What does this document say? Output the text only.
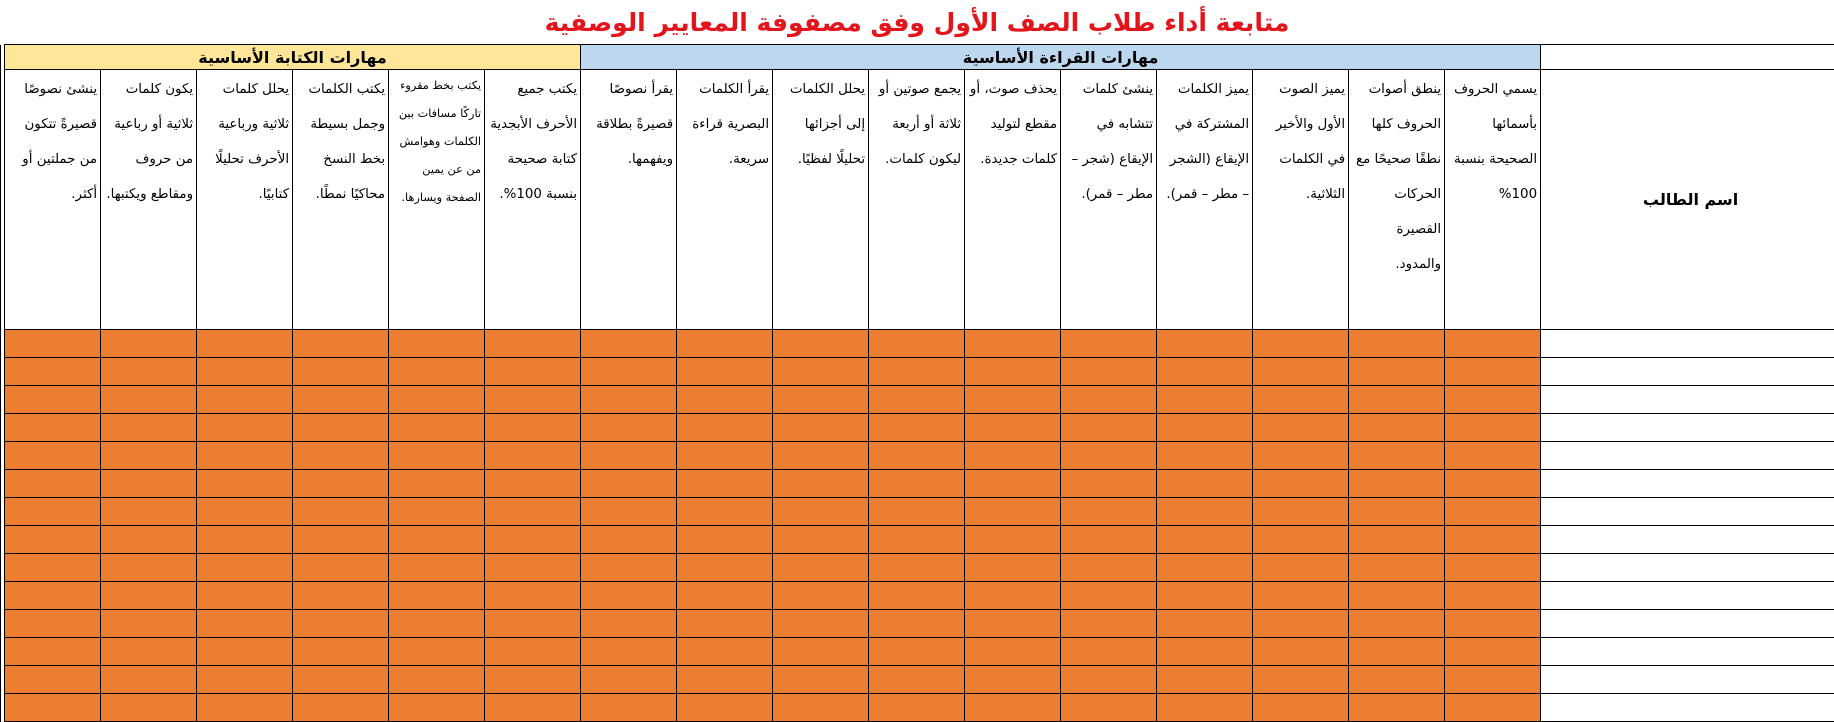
متابعة أداء طلاب الصف الأول وفق مصفوفة المعايير الوصفية
	مهارات القراءة الأساسية										مهارات الكتابة الأساسية						
اسم الطالب	يسمي الحروف بأسمائها الصحيحة بنسبة 100%	ينطق أصوات الحروف كلها نطقًا صحيحًا مع الحركات القصيرة والمدود.	يميز الصوت الأول والأخير في الكلمات الثلاثية.	يميز الكلمات المشتركة في الإيقاع (الشجر – مطر – قمر).	ينشئ كلمات تتشابه في الإيقاع (شجر – مطر – قمر).	يحذف صوت، أو مقطع لتوليد كلمات جديدة.	يجمع صوتين أو ثلاثة أو أربعة ليكون كلمات.	يحلل الكلمات إلى أجزائها تحليلًا لفظيًا.	يقرأ الكلمات البصرية قراءة سريعة.	يقرأ نصوصًا قصيرةً بطلاقة ويفهمها.	يكتب جميع الأحرف الأبجدية كتابة صحيحة بنسبة 100%.	يكتب بخط مقروء تاركًا مسافات بين الكلمات وهوامش من عن يمين الصفحة ويسارها.	يكتب الكلمات وجمل بسيطة بخط النسخ محاكيًا نمطًا.	يحلل كلمات ثلاثية ورباعية الأحرف تحليلًا كتابيًا.	يكون كلمات ثلاثية أو رباعية من حروف ومقاطع ويكتبها.	ينشئ نصوصًا قصيرةً تتكون من جملتين أو أكثر.	
